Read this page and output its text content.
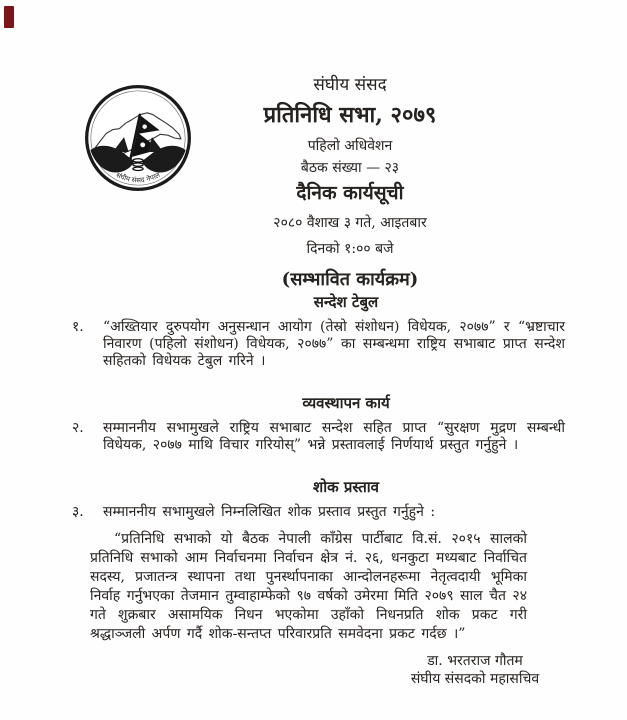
संघीय संसद नेपाल
संघीय संसद
प्रतिनिधि सभा, २०७९
पहिलो अधिवेशन
बैठक संख्या — २३
दैनिक कार्यसूची
२०८० वैशाख ३ गते, आइतबार
दिनको १:०० बजे
(सम्भावित कार्यक्रम)
सन्देश टेबुल
१.	“अख्तियार दुरुपयोग अनुसन्धान आयोग (तेस्रो संशोधन) विधेयक, २०७७” र “भ्रष्टाचार निवारण (पहिलो संशोधन) विधेयक, २०७७” का सम्बन्धमा राष्ट्रिय सभाबाट प्राप्त सन्देश सहितको विधेयक टेबुल गरिने ।
व्यवस्थापन कार्य
२.	सम्माननीय सभामुखले राष्ट्रिय सभाबाट सन्देश सहित प्राप्त “सुरक्षण मुद्रण सम्बन्धी विधेयक, २०७७ माथि विचार गरियोस्” भन्ने प्रस्तावलाई निर्णयार्थ प्रस्तुत गर्नुहुने ।
शोक प्रस्ताव
३.	सम्माननीय सभामुखले निम्नलिखित शोक प्रस्ताव प्रस्तुत गर्नुहुने :
“प्रतिनिधि सभाको यो बैठक नेपाली काँग्रेस पार्टीबाट वि.सं. २०१५ सालको प्रतिनिधि सभाको आम निर्वाचनमा निर्वाचन क्षेत्र नं. २६, धनकुटा मध्यबाट निर्वाचित सदस्य, प्रजातन्त्र स्थापना तथा पुनर्स्थापनाका आन्दोलनहरूमा नेतृत्वदायी भूमिका निर्वाह गर्नुभएका तेजमान तुम्वाहाम्फेको ९७ वर्षको उमेरमा मिति २०७९ साल चैत २४ गते शुक्रबार असामयिक निधन भएकोमा उहाँको निधनप्रति शोक प्रकट गरी श्रद्धाञ्जली अर्पण गर्दै शोक-सन्तप्त परिवारप्रति समवेदना प्रकट गर्दछ ।”
डा. भरतराज गौतम
संघीय संसदको महासचिव
